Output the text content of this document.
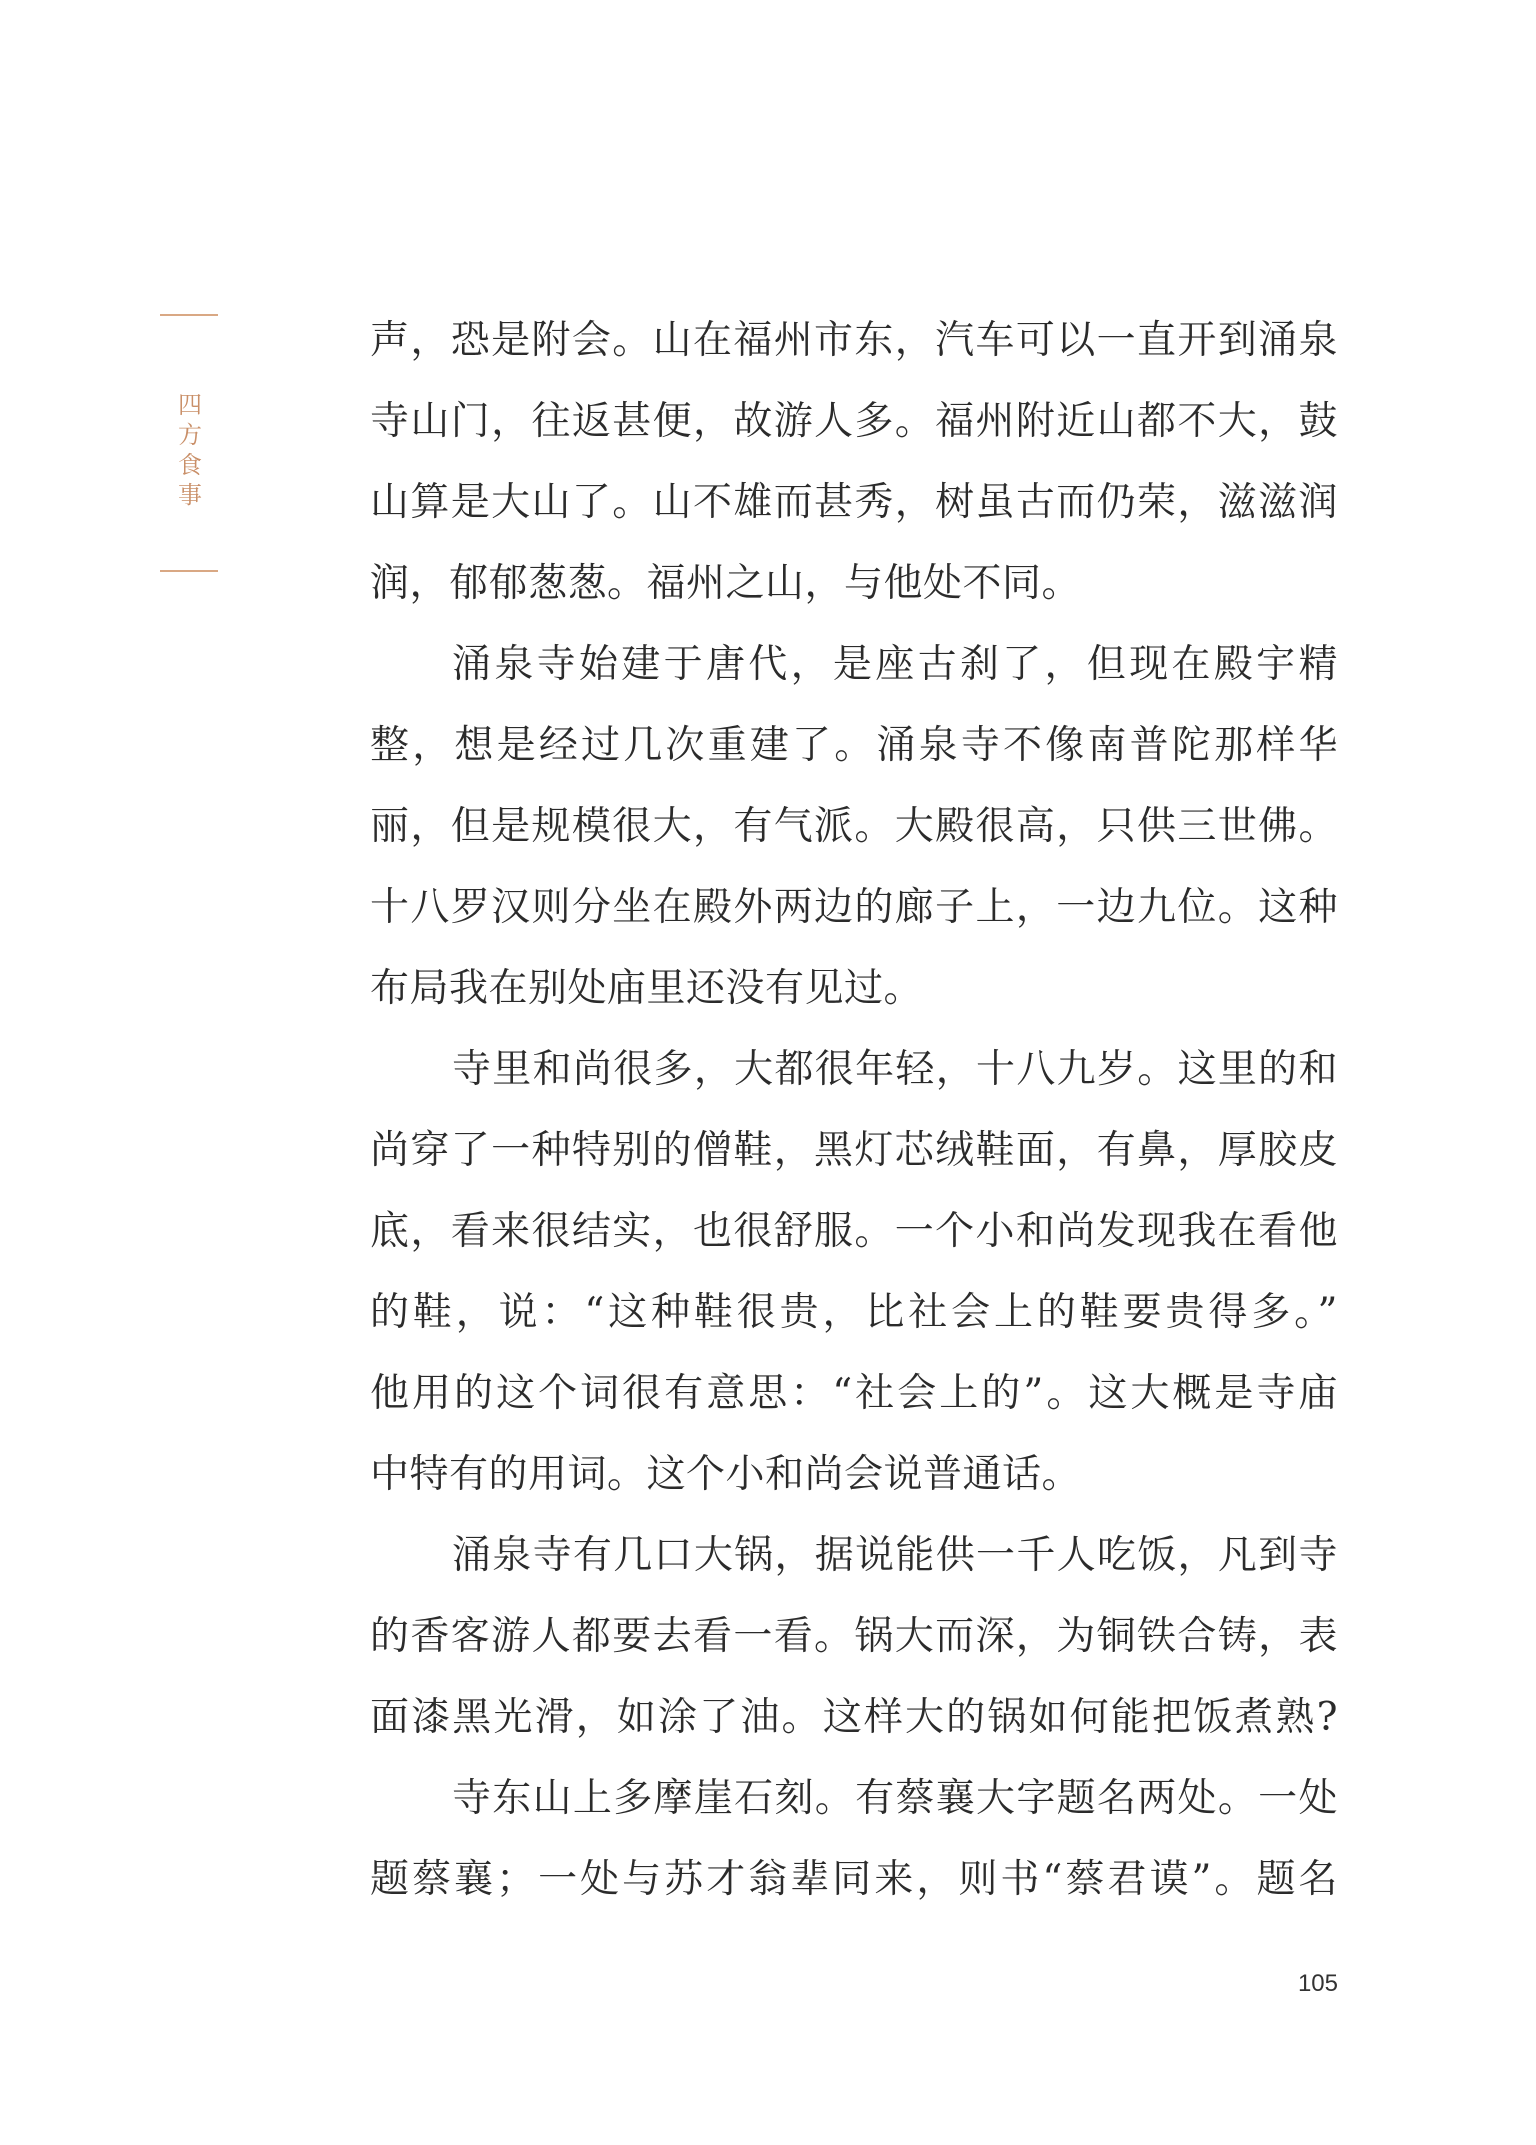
四
方
食
事
声，恐是附会。山在福州市东，汽车可以一直开到涌泉
寺山门，往返甚便，故游人多。福州附近山都不大，鼓
山算是大山了。山不雄而甚秀，树虽古而仍荣，滋滋润
润，郁郁葱葱。福州之山，与他处不同。
涌泉寺始建于唐代，是座古刹了，但现在殿宇精
整，想是经过几次重建了。涌泉寺不像南普陀那样华
丽，但是规模很大，有气派。大殿很高，只供三世佛。
十八罗汉则分坐在殿外两边的廊子上，一边九位。这种
布局我在别处庙里还没有见过。
寺里和尚很多，大都很年轻，十八九岁。这里的和
尚穿了一种特别的僧鞋，黑灯芯绒鞋面，有鼻，厚胶皮
底，看来很结实，也很舒服。一个小和尚发现我在看他
的鞋，说：“这种鞋很贵，比社会上的鞋要贵得多。”
他用的这个词很有意思：“社会上的”。这大概是寺庙
中特有的用词。这个小和尚会说普通话。
涌泉寺有几口大锅，据说能供一千人吃饭，凡到寺
的香客游人都要去看一看。锅大而深，为铜铁合铸，表
面漆黑光滑，如涂了油。这样大的锅如何能把饭煮熟?
寺东山上多摩崖石刻。有蔡襄大字题名两处。一处
题蔡襄；一处与苏才翁辈同来，则书“蔡君谟”。题名
105
